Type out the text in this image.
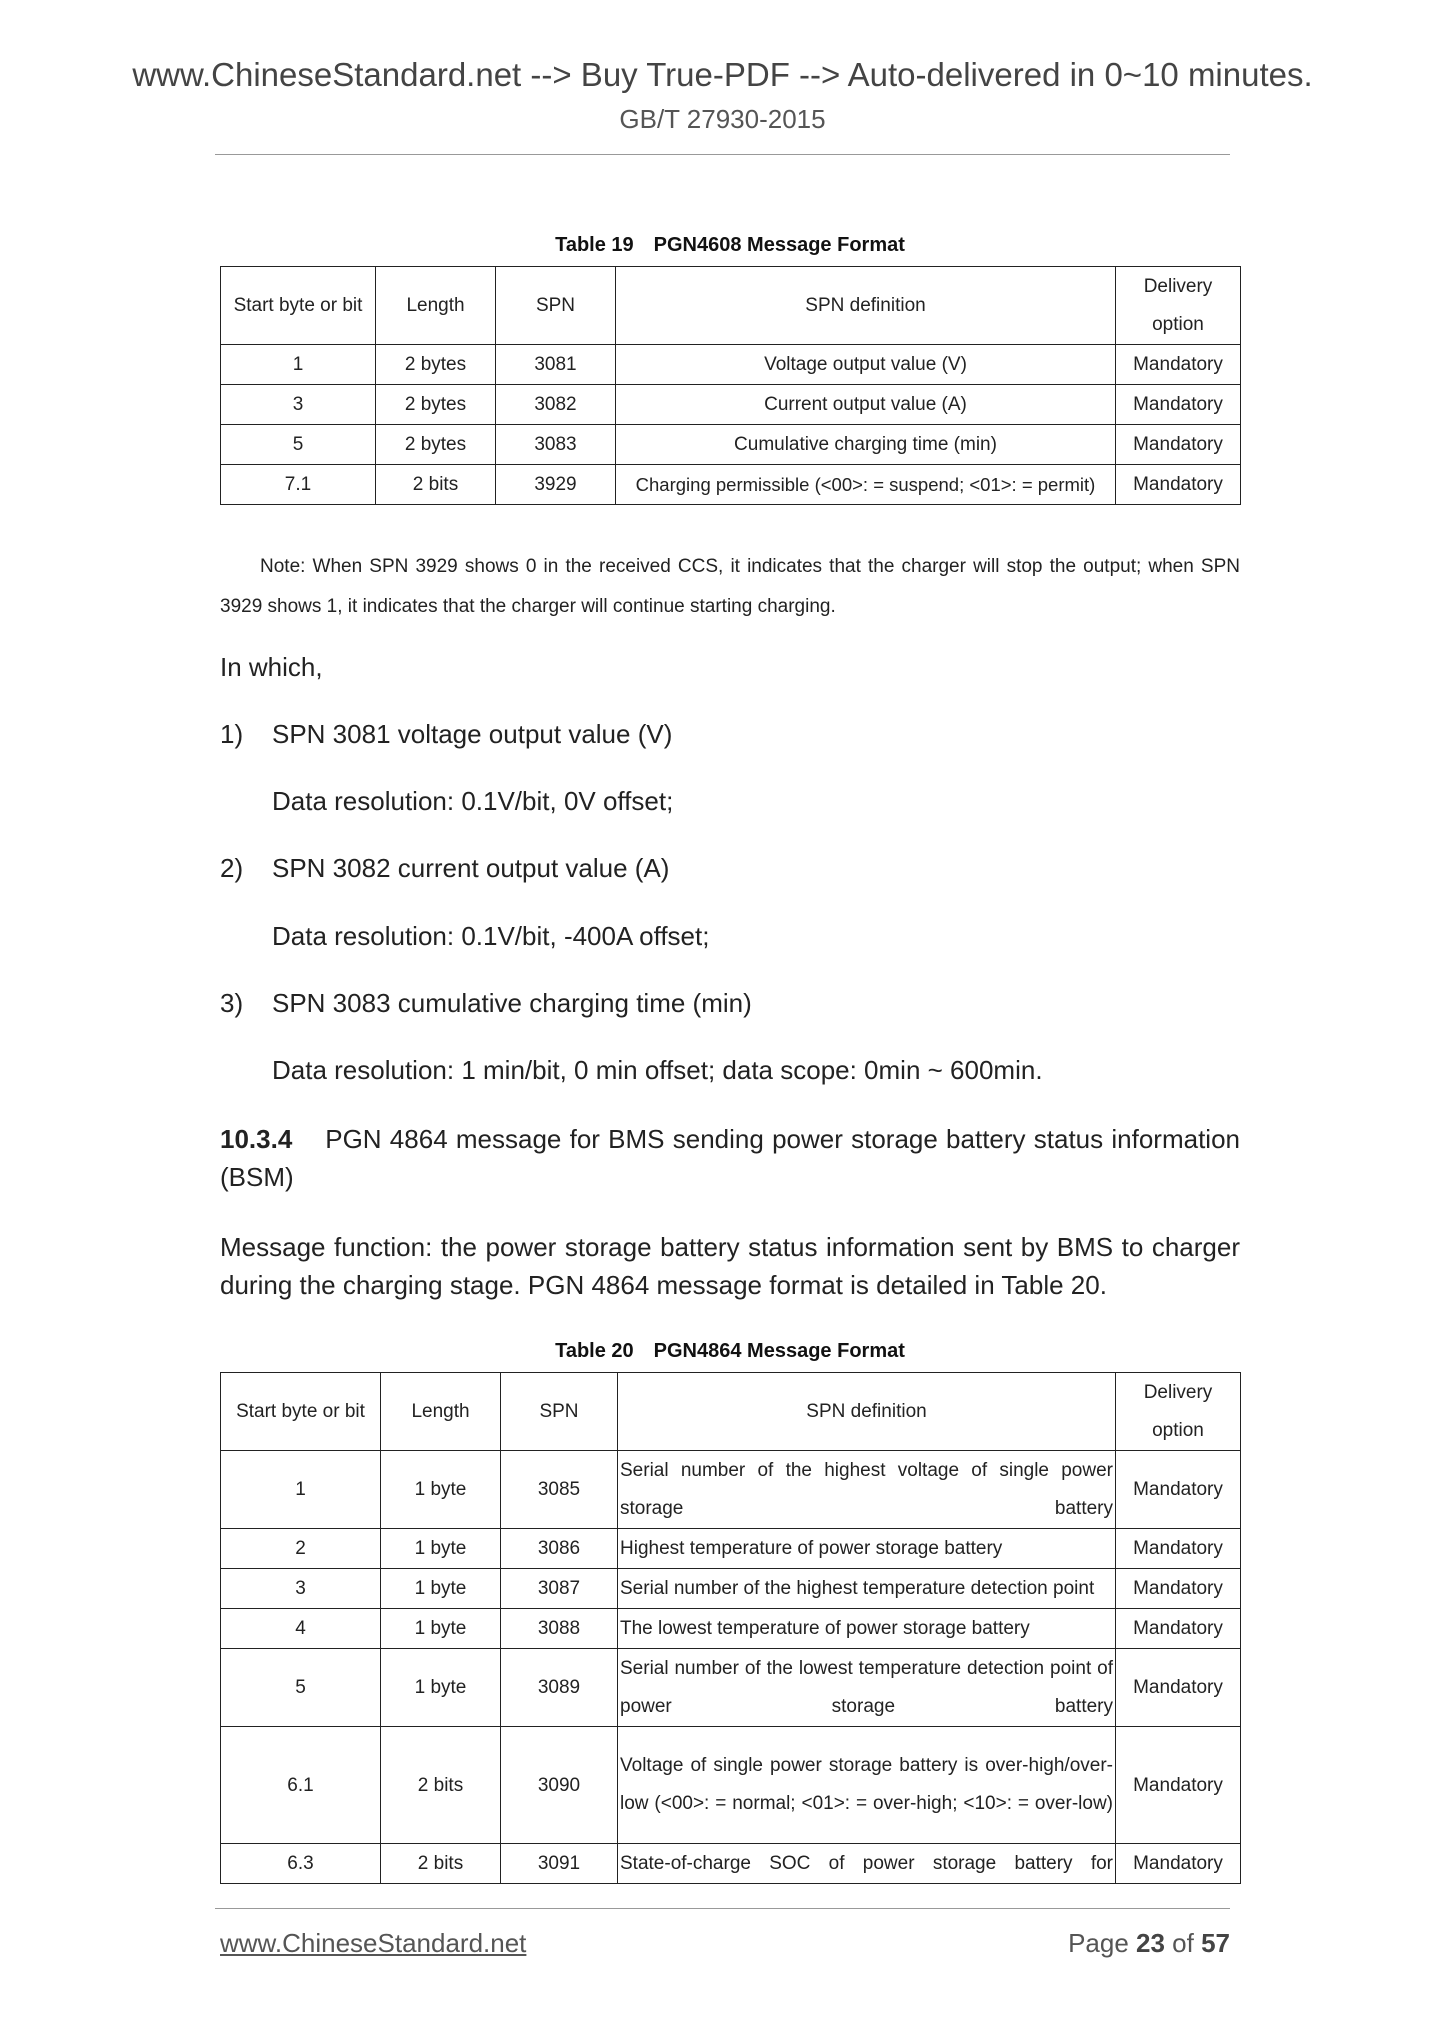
www.ChineseStandard.net --> Buy True-PDF --> Auto-delivered in 0~10 minutes.
GB/T 27930-2015
Table 19 PGN4608 Message Format
Start byte or bit	Length	SPN	SPN definition	Delivery option
1	2 bytes	3081	Voltage output value (V)	Mandatory
3	2 bytes	3082	Current output value (A)	Mandatory
5	2 bytes	3083	Cumulative charging time (min)	Mandatory
7.1	2 bits	3929	Charging permissible (<00>: = suspend; <01>: = permit)	Mandatory
Note: When SPN 3929 shows 0 in the received CCS, it indicates that the charger will stop the output; when SPN 3929 shows 1, it indicates that the charger will continue starting charging.
In which,
1) SPN 3081 voltage output value (V)
Data resolution: 0.1V/bit, 0V offset;
2) SPN 3082 current output value (A)
Data resolution: 0.1V/bit, -400A offset;
3) SPN 3083 cumulative charging time (min)
Data resolution: 1 min/bit, 0 min offset; data scope: 0min ~ 600min.
10.3.4 PGN 4864 message for BMS sending power storage battery status information (BSM)
Message function: the power storage battery status information sent by BMS to charger during the charging stage. PGN 4864 message format is detailed in Table 20.
Table 20 PGN4864 Message Format
Start byte or bit	Length	SPN	SPN definition	Delivery option
1	1 byte	3085	Serial number of the highest voltage of single power storage battery	Mandatory
2	1 byte	3086	Highest temperature of power storage battery	Mandatory
3	1 byte	3087	Serial number of the highest temperature detection point	Mandatory
4	1 byte	3088	The lowest temperature of power storage battery	Mandatory
5	1 byte	3089	Serial number of the lowest temperature detection point of power storage battery	Mandatory
6.1	2 bits	3090	Voltage of single power storage battery is over-high/over-low (<00>: = normal; <01>: = over-high; <10>: = over-low)	Mandatory
6.3	2 bits	3091	State-of-charge SOC of power storage battery for	Mandatory
www.ChineseStandard.net	Page 23 of 57
